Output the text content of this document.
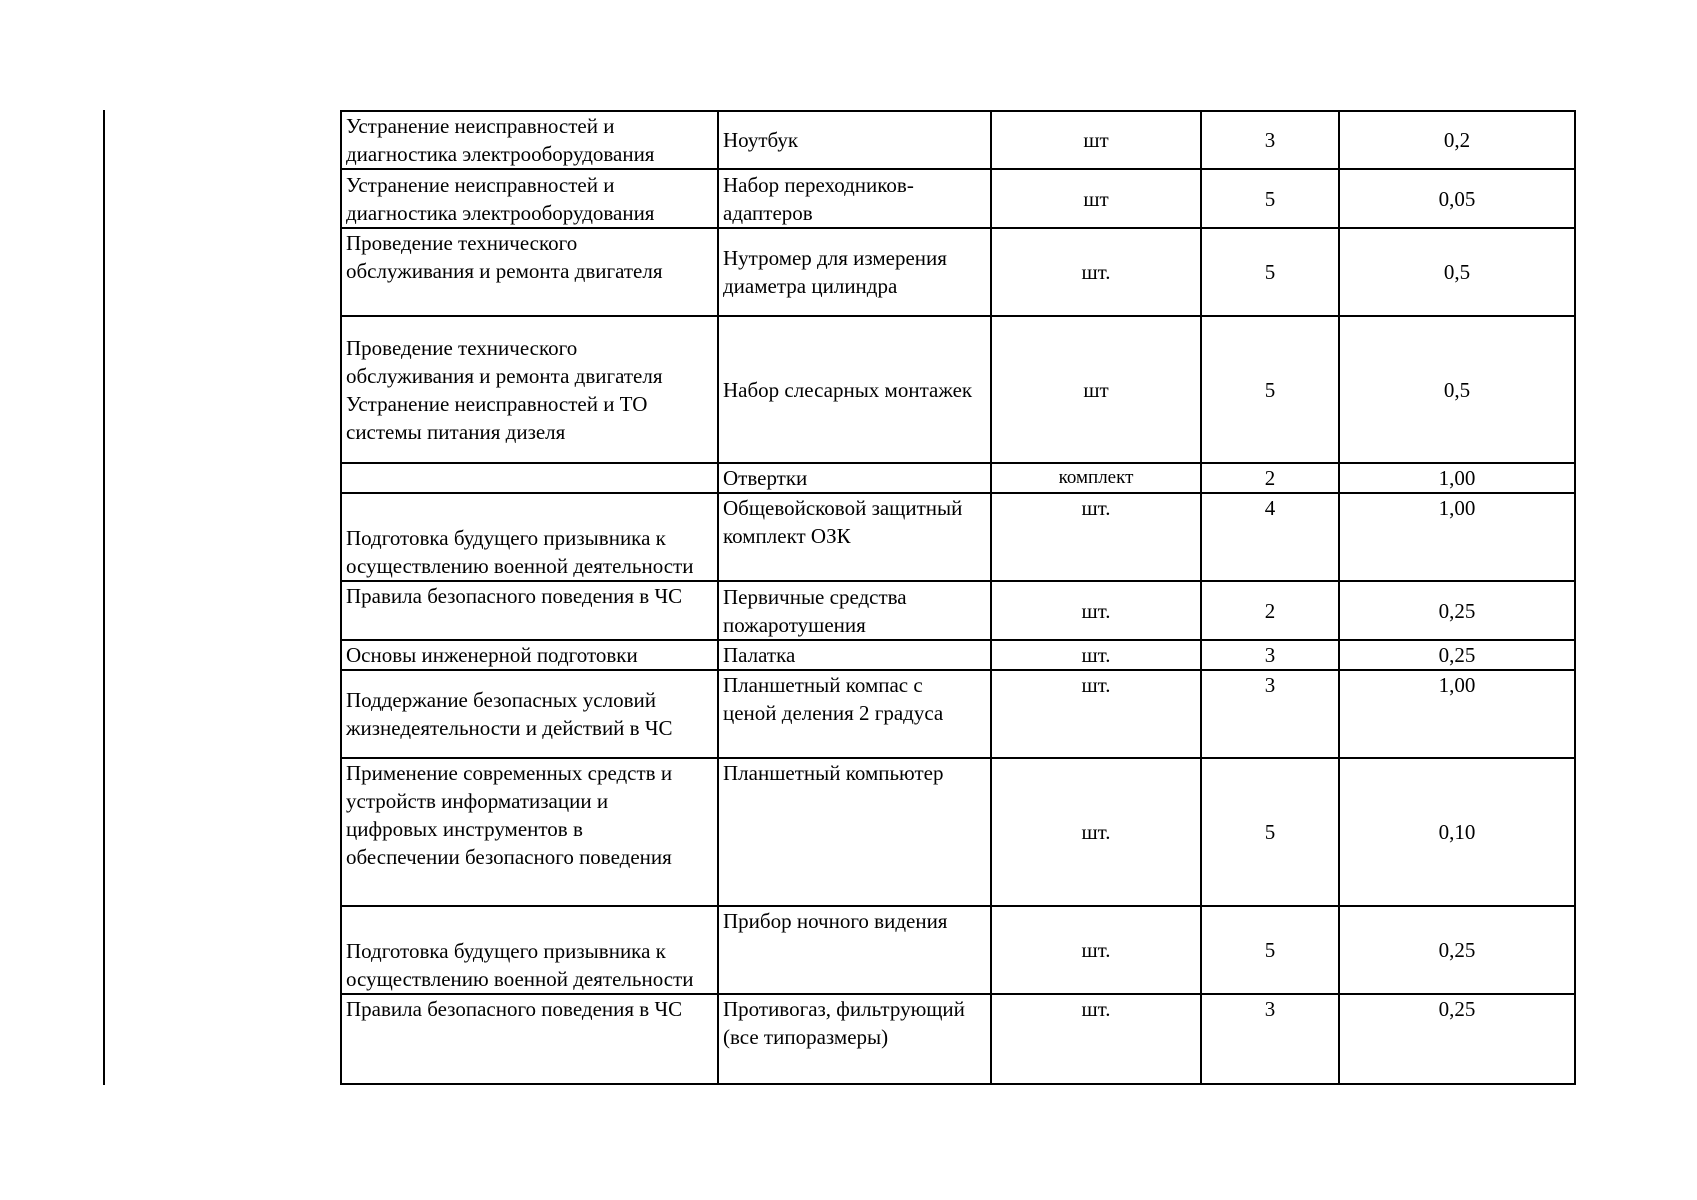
Устранение неисправностей и
диагностика электрооборудования	Ноутбук	шт	3	0,2
Устранение неисправностей и
диагностика электрооборудования	Набор переходников-
адаптеров	шт	5	0,05
Проведение технического
обслуживания и ремонта двигателя	Нутромер для измерения
диаметра цилиндра	шт.	5	0,5
Проведение технического
обслуживания и ремонта двигателя
Устранение неисправностей и ТО
системы питания дизеля	Набор слесарных монтажек	шт	5	0,5
	Отвертки	комплект	2	1,00
Подготовка будущего призывника к
осуществлению военной деятельности	Общевойсковой защитный
комплект ОЗК	шт.	4	1,00
Правила безопасного поведения в ЧС	Первичные средства
пожаротушения	шт.	2	0,25
Основы инженерной подготовки	Палатка	шт.	3	0,25
Поддержание безопасных условий
жизнедеятельности и действий в ЧС	Планшетный компас с
ценой деления 2 градуса	шт.	3	1,00
Применение современных средств и
устройств информатизации и
цифровых инструментов в
обеспечении безопасного поведения	Планшетный компьютер	шт.	5	0,10
Подготовка будущего призывника к
осуществлению военной деятельности	Прибор ночного видения	шт.	5	0,25
Правила безопасного поведения в ЧС	Противогаз, фильтрующий
(все типоразмеры)	шт.	3	0,25
